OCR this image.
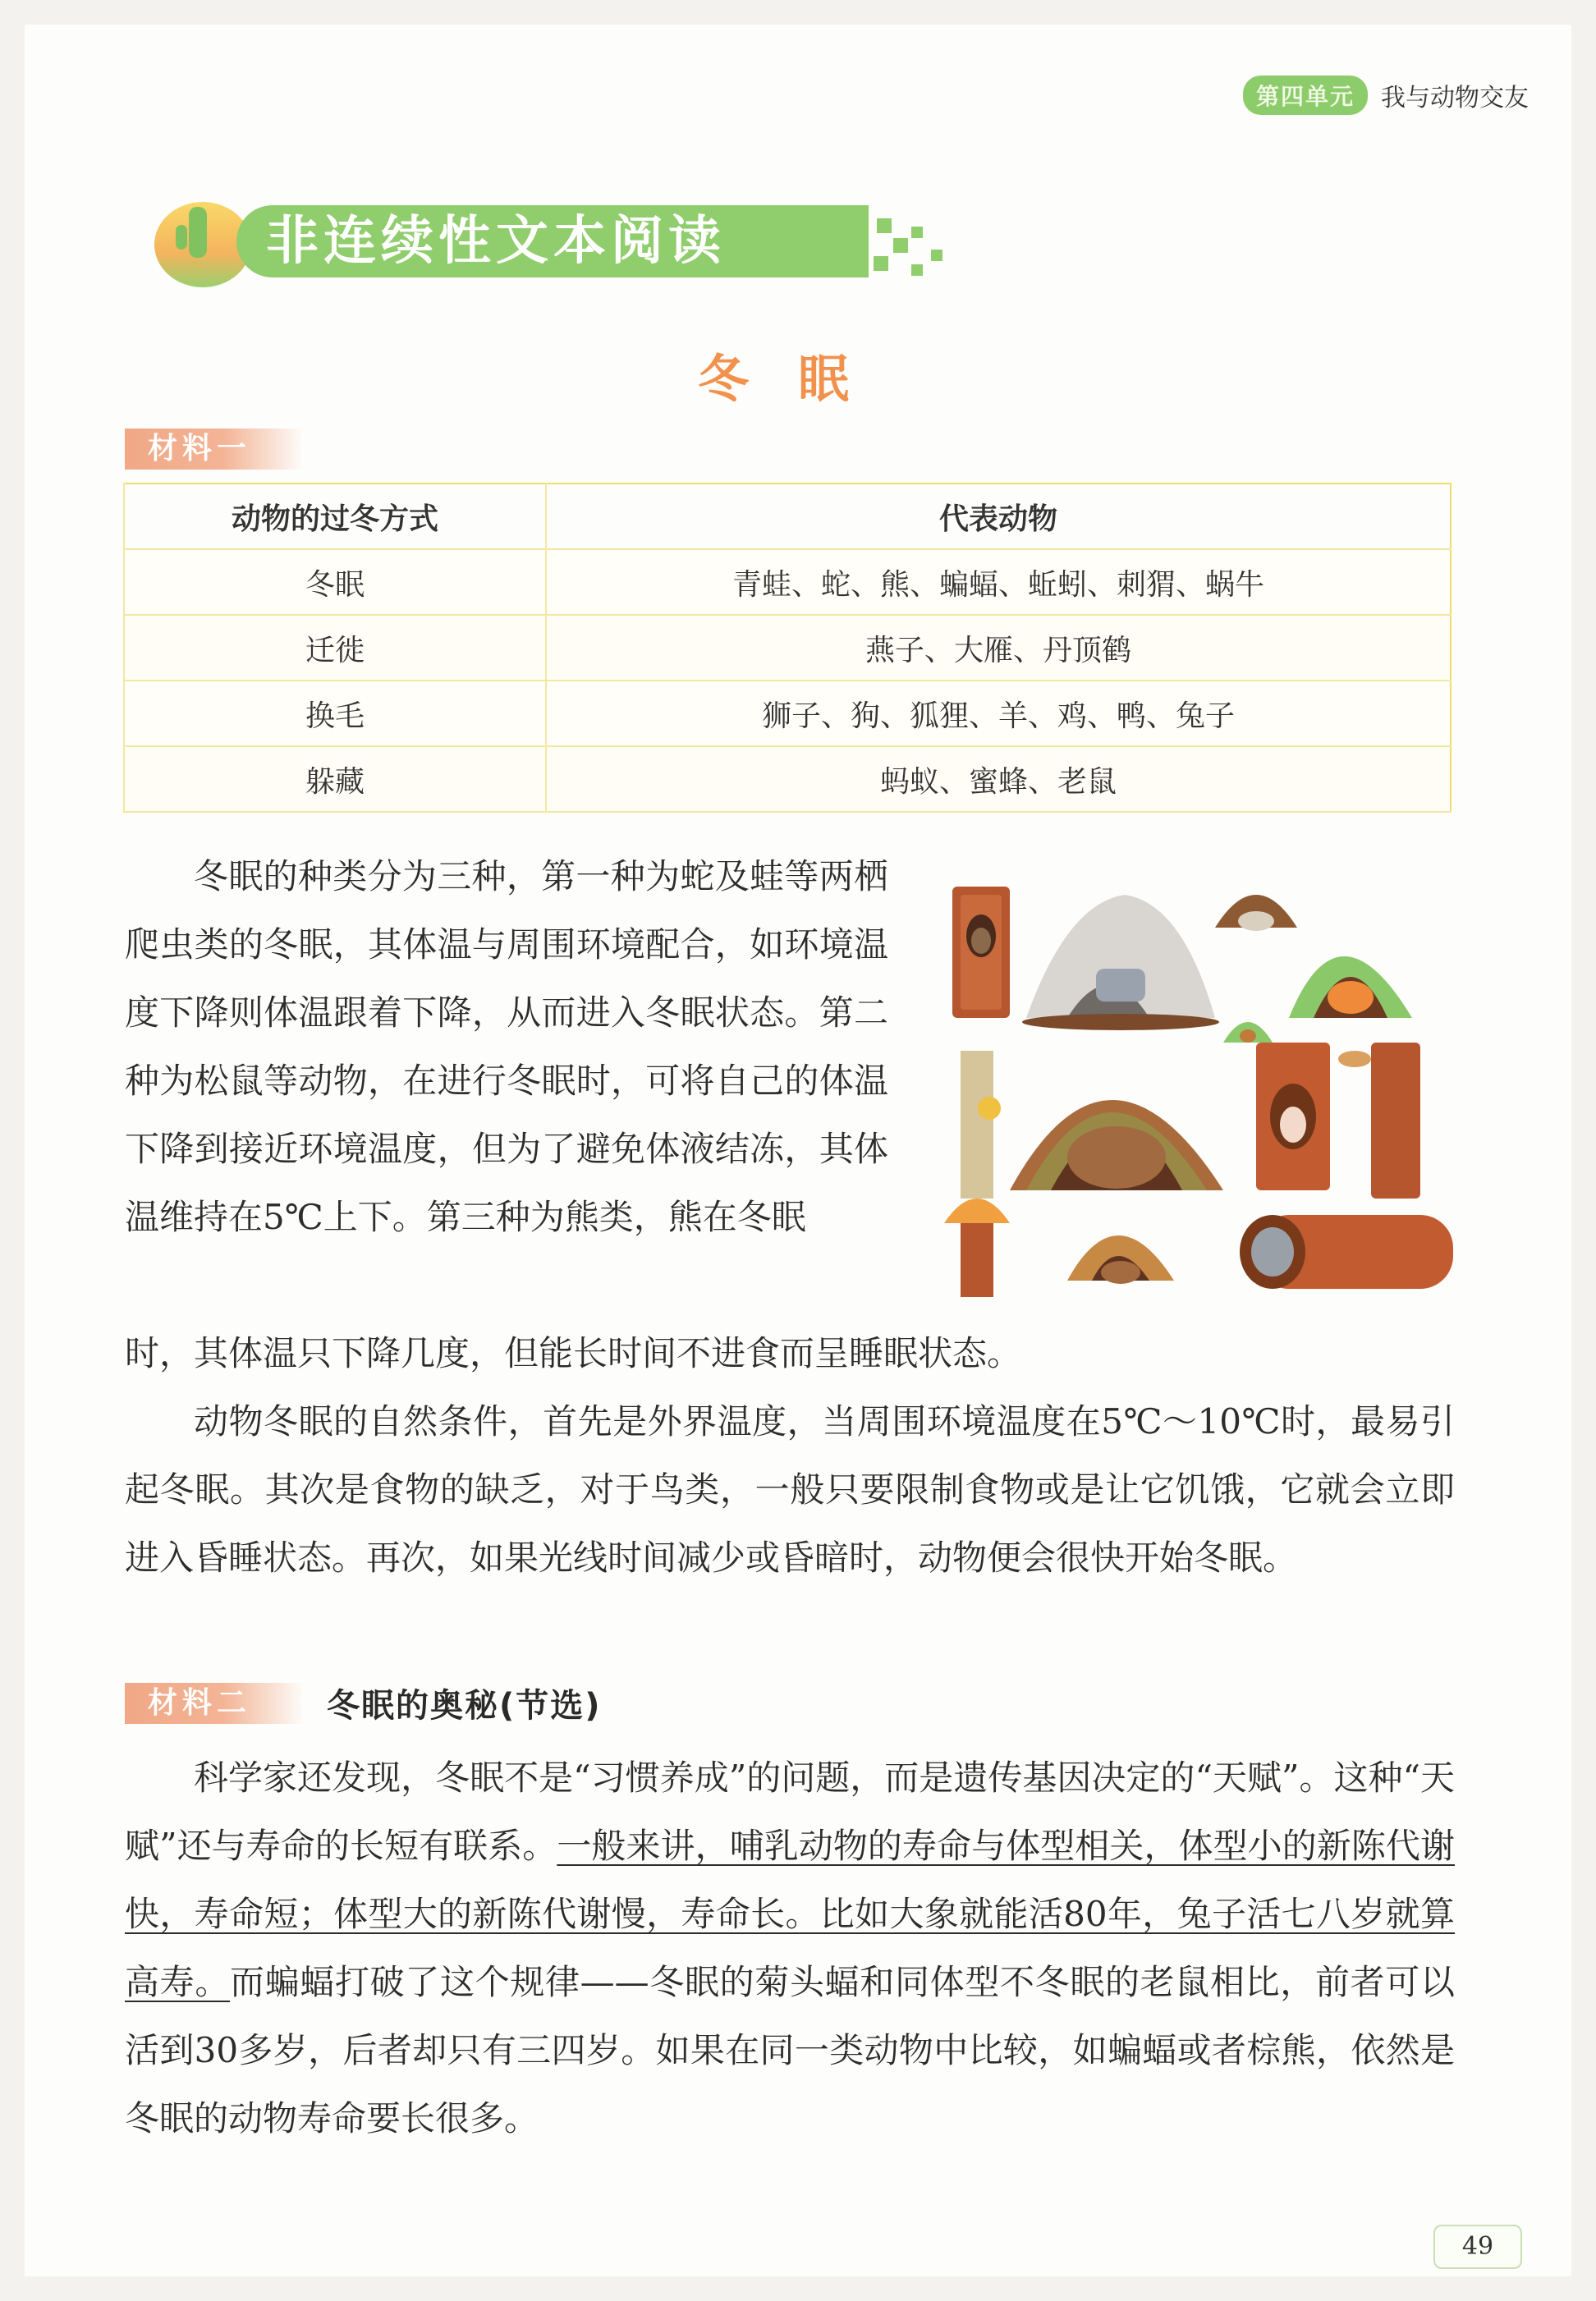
第四单元	我与动物交友
非连续性文本阅读
冬眠
材料一
动物的过冬方式	代表动物
冬眠	青蛙、蛇、熊、蝙蝠、蚯蚓、刺猬、蜗牛
迁徙	燕子、大雁、丹顶鹤
换毛	狮子、狗、狐狸、羊、鸡、鸭、兔子
躲藏	蚂蚁、蜜蜂、老鼠

冬眠的种类分为三种，第一种为蛇及蛙等两栖爬虫类的冬眠，其体温与周围环境配合，如环境温度下降则体温跟着下降，从而进入冬眠状态。第二种为松鼠等动物，在进行冬眠时，可将自己的体温下降到接近环境温度，但为了避免体液结冻，其体温维持在5℃上下。第三种为熊类，熊在冬眠

时，其体温只下降几度，但能长时间不进食而呈睡眠状态。

动物冬眠的自然条件，首先是外界温度，当周围环境温度在5℃～10℃时，最易引起冬眠。其次是食物的缺乏，对于鸟类，一般只要限制食物或是让它饥饿，它就会立即进入昏睡状态。再次，如果光线时间减少或昏暗时，动物便会很快开始冬眠。

材料二	冬眠的奥秘(节选)

科学家还发现，冬眠不是“习惯养成”的问题，而是遗传基因决定的“天赋”。这种“天赋”还与寿命的长短有联系。一般来讲，哺乳动物的寿命与体型相关，体型小的新陈代谢快，寿命短；体型大的新陈代谢慢，寿命长。比如大象就能活80年，兔子活七八岁就算高寿。而蝙蝠打破了这个规律——冬眠的菊头蝠和同体型不冬眠的老鼠相比，前者可以活到30多岁，后者却只有三四岁。如果在同一类动物中比较，如蝙蝠或者棕熊，依然是冬眠的动物寿命要长很多。

49
